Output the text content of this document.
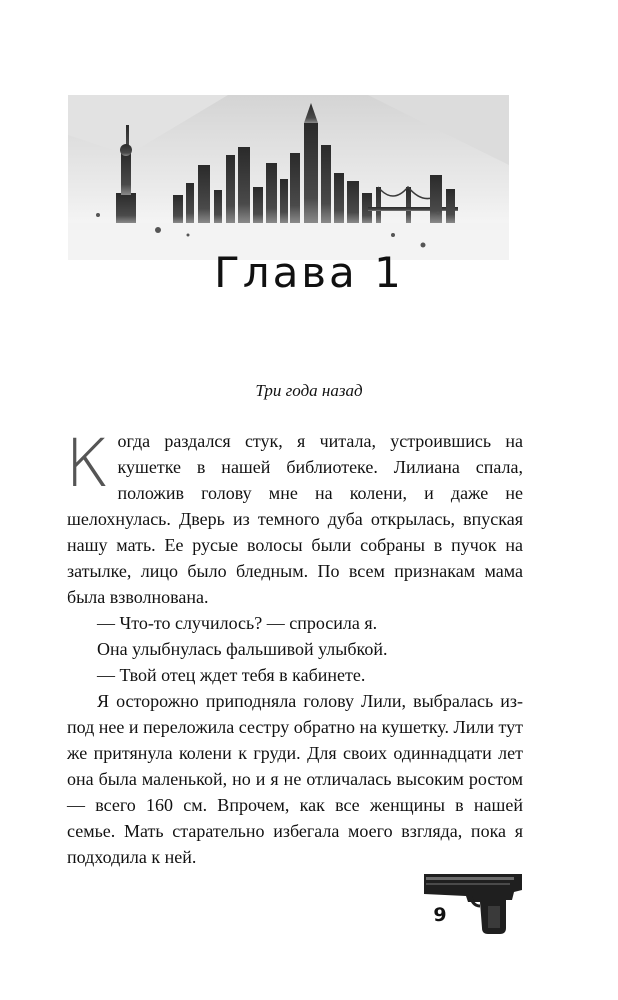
Глава 1
Три года назад

Когда раздался стук, я читала, устроившись на кушетке в нашей библиотеке. Лилиана спала, положив голову мне на колени, и даже не шелохнулась. Дверь из темного дуба открылась, впуская нашу мать. Ее русые волосы были собраны в пучок на затылке, лицо было бледным. По всем признакам мама была взволнована.

— Что-то случилось? — спросила я.

Она улыбнулась фальшивой улыбкой.

— Твой отец ждет тебя в кабинете.

Я осторожно приподняла голову Лили, выбралась из-под нее и переложила сестру обратно на кушетку. Лили тут же притянула колени к груди. Для своих одиннадцати лет она была маленькой, но и я не отличалась высоким ростом — всего 160 см. Впрочем, как все женщины в нашей семье. Мать старательно избегала моего взгляда, пока я подходила к ней.

9
